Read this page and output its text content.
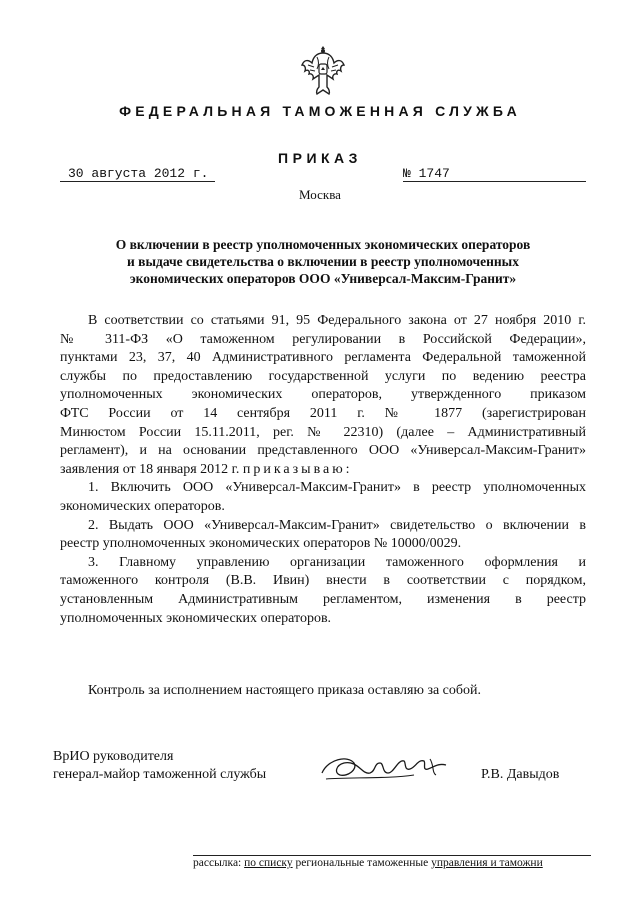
ФЕДЕРАЛЬНАЯ ТАМОЖЕННАЯ СЛУЖБА
ПРИКАЗ
30 августа 2012 г.	№ 1747
Москва
О включении в реестр уполномоченных экономических операторов
и выдаче свидетельства о включении в реестр уполномоченных
экономических операторов ООО «Универсал-Максим-Гранит»

В соответствии со статьями 91, 95 Федерального закона от 27 ноября 2010 г.

№ 311-ФЗ «О таможенном регулировании в Российской Федерации»,

пунктами 23, 37, 40 Административного регламента Федеральной таможенной

службы по предоставлению государственной услуги по ведению реестра

уполномоченных экономических операторов, утвержденного приказом

ФТС России от 14 сентября 2011 г. № 1877 (зарегистрирован

Минюстом России 15.11.2011, рег. № 22310) (далее – Административный

регламент), и на основании представленного ООО «Универсал-Максим-Гранит»

заявления от 18 января 2012 г. приказываю:

1. Включить ООО «Универсал-Максим-Гранит» в реестр уполномоченных

экономических операторов.

2. Выдать ООО «Универсал-Максим-Гранит» свидетельство о включении в

реестр уполномоченных экономических операторов № 10000/0029.

3. Главному управлению организации таможенного оформления и

таможенного контроля (В.В. Ивин) внести в соответствии с порядком,

установленным Административным регламентом, изменения в реестр

уполномоченных экономических операторов.

Контроль за исполнением настоящего приказа оставляю за собой.
ВрИО руководителя
генерал-майор таможенной службы	Р.В. Давыдов
рассылка: по списку региональные таможенные управления и таможни
